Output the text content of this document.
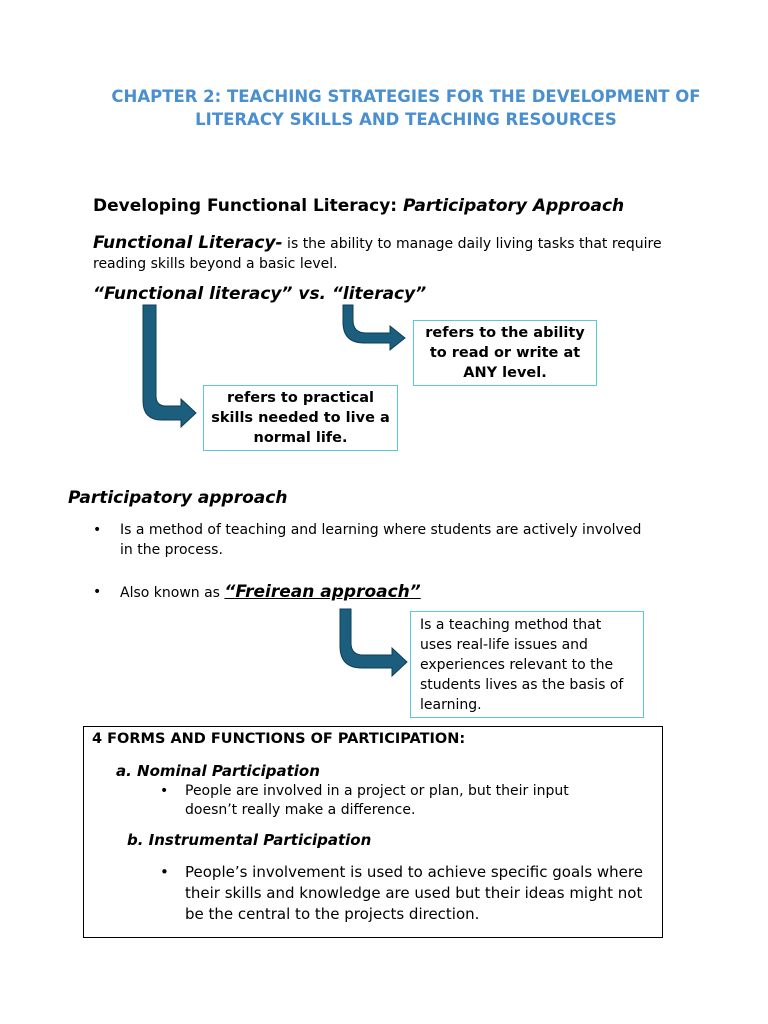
CHAPTER 2: TEACHING STRATEGIES FOR THE DEVELOPMENT OF LITERACY SKILLS AND TEACHING RESOURCES
Developing Functional Literacy: Participatory Approach
Functional Literacy- is the ability to manage daily living tasks that require reading skills beyond a basic level.
“Functional literacy” vs. “literacy”
refers to the ability to read or write at ANY level.
refers to practical skills needed to live a normal life.
Participatory approach
• Is a method of teaching and learning where students are actively involved in the process.
• Also known as “Freirean approach”
Is a teaching method that uses real-life issues and experiences relevant to the students lives as the basis of learning.
4 FORMS AND FUNCTIONS OF PARTICIPATION:
a. Nominal Participation
• People are involved in a project or plan, but their input doesn’t really make a difference.
b. Instrumental Participation
• People’s involvement is used to achieve specific goals where their skills and knowledge are used but their ideas might not be the central to the projects direction.
